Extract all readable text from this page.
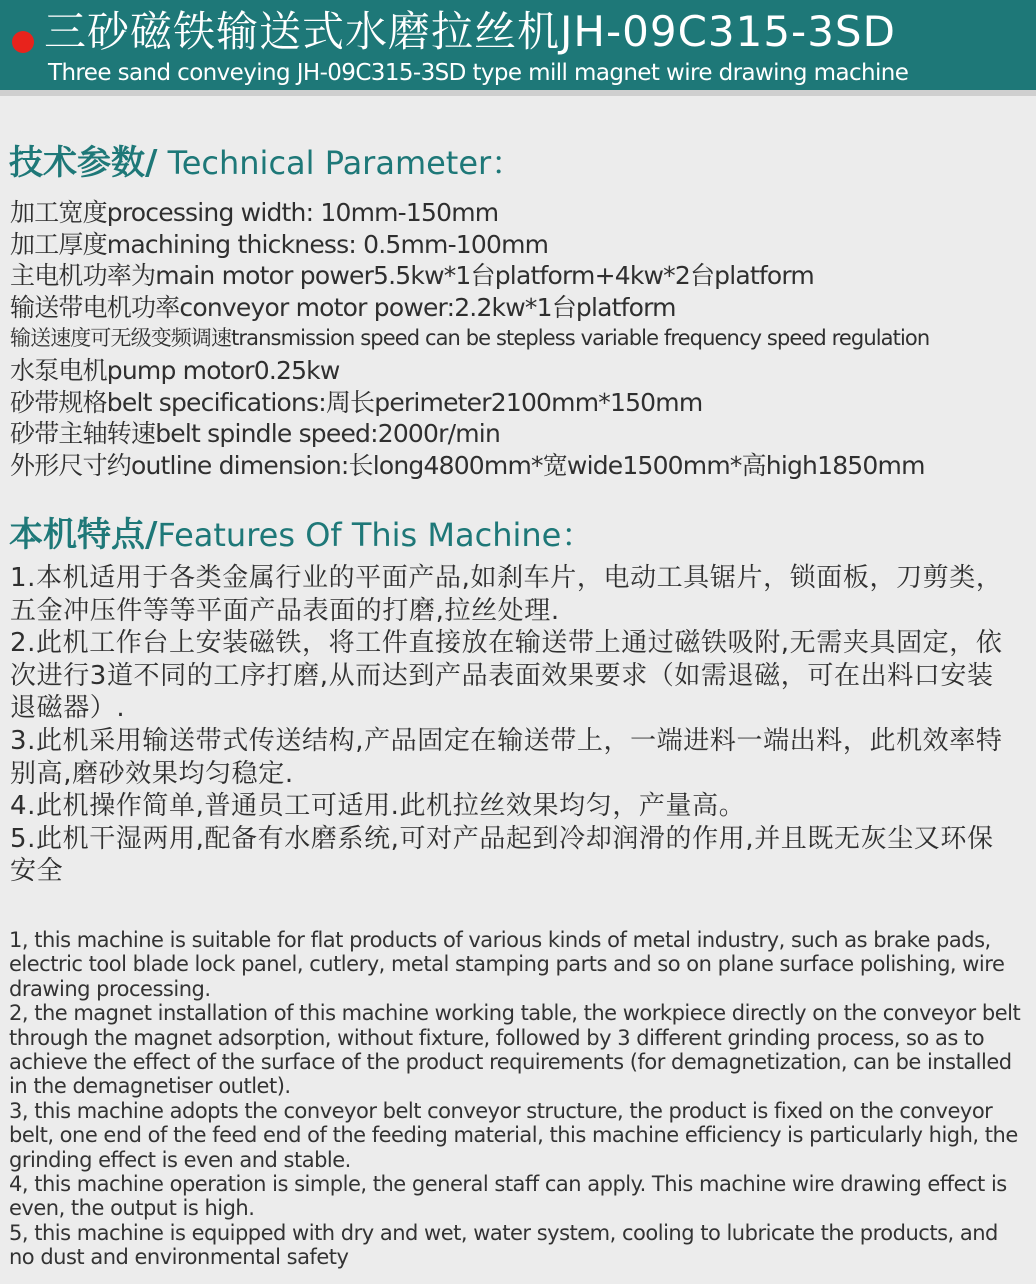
三砂磁铁输送式水磨拉丝机JH-09C315-3SD
Three sand conveying JH-09C315-3SD type mill magnet wire drawing machine
技术参数/ Technical Parameter：
加工宽度processing width: 10mm-150mm
加工厚度machining thickness: 0.5mm-100mm
主电机功率为main motor power5.5kw*1台platform+4kw*2台platform
输送带电机功率conveyor motor power:2.2kw*1台platform
输送速度可无级变频调速transmission speed can be stepless variable frequency speed regulation
水泵电机pump motor0.25kw
砂带规格belt specifications:周长perimeter2100mm*150mm
砂带主轴转速belt spindle speed:2000r/min
外形尺寸约outline dimension:长long4800mm*宽wide1500mm*高high1850mm
本机特点/Features Of This Machine：
1.本机适用于各类金属行业的平面产品,如刹车片，电动工具锯片，锁面板，刀剪类，五金冲压件等等平面产品表面的打磨,拉丝处理.
2.此机工作台上安装磁铁，将工件直接放在输送带上通过磁铁吸附,无需夹具固定，依次进行3道不同的工序打磨,从而达到产品表面效果要求（如需退磁，可在出料口安装退磁器）.
3.此机采用输送带式传送结构,产品固定在输送带上，一端进料一端出料，此机效率特别高,磨砂效果均匀稳定.
4.此机操作简单,普通员工可适用.此机拉丝效果均匀，产量高。
5.此机干湿两用,配备有水磨系统,可对产品起到冷却润滑的作用,并且既无灰尘又环保安全
1, this machine is suitable for flat products of various kinds of metal industry, such as brake pads, electric tool blade lock panel, cutlery, metal stamping parts and so on plane surface polishing, wire drawing processing.
2, the magnet installation of this machine working table, the workpiece directly on the conveyor belt through the magnet adsorption, without fixture, followed by 3 different grinding process, so as to achieve the effect of the surface of the product requirements (for demagnetization, can be installed in the demagnetiser outlet).
3, this machine adopts the conveyor belt conveyor structure, the product is fixed on the conveyor belt, one end of the feed end of the feeding material, this machine efficiency is particularly high, the grinding effect is even and stable.
4, this machine operation is simple, the general staff can apply. This machine wire drawing effect is even, the output is high.
5, this machine is equipped with dry and wet, water system, cooling to lubricate the products, and no dust and environmental safety
